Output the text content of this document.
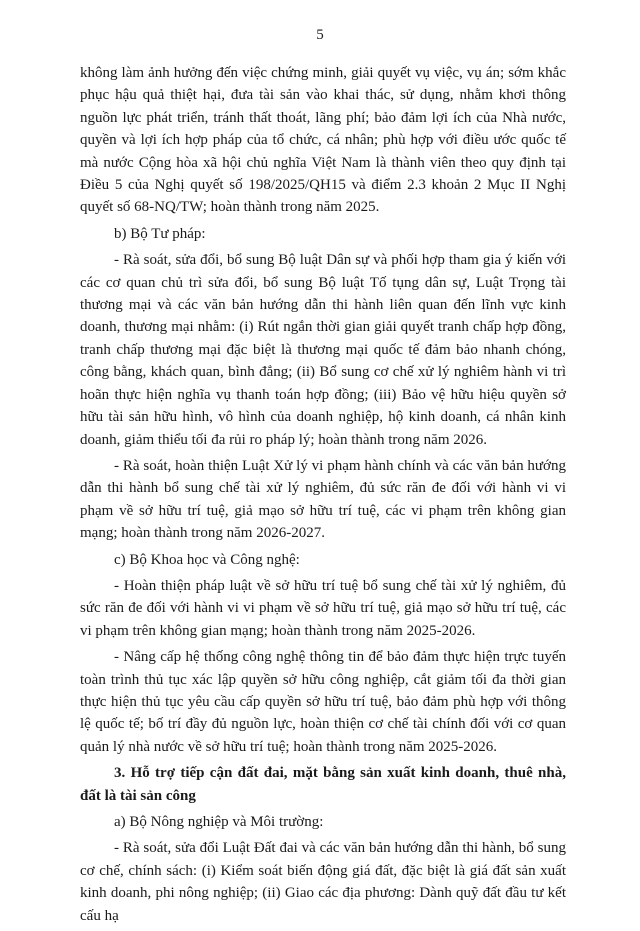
5

không làm ảnh hưởng đến việc chứng minh, giải quyết vụ việc, vụ án; sớm khắc phục hậu quả thiệt hại, đưa tài sản vào khai thác, sử dụng, nhằm khơi thông nguồn lực phát triển, tránh thất thoát, lãng phí; bảo đảm lợi ích của Nhà nước, quyền và lợi ích hợp pháp của tổ chức, cá nhân; phù hợp với điều ước quốc tế mà nước Cộng hòa xã hội chủ nghĩa Việt Nam là thành viên theo quy định tại Điều 5 của Nghị quyết số 198/2025/QH15 và điểm 2.3 khoản 2 Mục II Nghị quyết số 68-NQ/TW; hoàn thành trong năm 2025.

b) Bộ Tư pháp:

- Rà soát, sửa đổi, bổ sung Bộ luật Dân sự và phối hợp tham gia ý kiến với các cơ quan chủ trì sửa đổi, bổ sung Bộ luật Tố tụng dân sự, Luật Trọng tài thương mại và các văn bản hướng dẫn thi hành liên quan đến lĩnh vực kinh doanh, thương mại nhằm: (i) Rút ngắn thời gian giải quyết tranh chấp hợp đồng, tranh chấp thương mại đặc biệt là thương mại quốc tế đảm bảo nhanh chóng, công bằng, khách quan, bình đẳng; (ii) Bổ sung cơ chế xử lý nghiêm hành vi trì hoãn thực hiện nghĩa vụ thanh toán hợp đồng; (iii) Bảo vệ hữu hiệu quyền sở hữu tài sản hữu hình, vô hình của doanh nghiệp, hộ kinh doanh, cá nhân kinh doanh, giảm thiểu tối đa rủi ro pháp lý; hoàn thành trong năm 2026.

- Rà soát, hoàn thiện Luật Xử lý vi phạm hành chính và các văn bản hướng dẫn thi hành bổ sung chế tài xử lý nghiêm, đủ sức răn đe đối với hành vi vi phạm về sở hữu trí tuệ, giả mạo sở hữu trí tuệ, các vi phạm trên không gian mạng; hoàn thành trong năm 2026-2027.

c) Bộ Khoa học và Công nghệ:

- Hoàn thiện pháp luật về sở hữu trí tuệ bổ sung chế tài xử lý nghiêm, đủ sức răn đe đối với hành vi vi phạm về sở hữu trí tuệ, giả mạo sở hữu trí tuệ, các vi phạm trên không gian mạng; hoàn thành trong năm 2025-2026.

- Nâng cấp hệ thống công nghệ thông tin để bảo đảm thực hiện trực tuyến toàn trình thủ tục xác lập quyền sở hữu công nghiệp, cắt giảm tối đa thời gian thực hiện thủ tục yêu cầu cấp quyền sở hữu trí tuệ, bảo đảm phù hợp với thông lệ quốc tế; bố trí đầy đủ nguồn lực, hoàn thiện cơ chế tài chính đối với cơ quan quản lý nhà nước về sở hữu trí tuệ; hoàn thành trong năm 2025-2026.

3. Hỗ trợ tiếp cận đất đai, mặt bằng sản xuất kinh doanh, thuê nhà, đất là tài sản công

a) Bộ Nông nghiệp và Môi trường:

- Rà soát, sửa đổi Luật Đất đai và các văn bản hướng dẫn thi hành, bổ sung cơ chế, chính sách: (i) Kiểm soát biến động giá đất, đặc biệt là giá đất sản xuất kinh doanh, phi nông nghiệp; (ii) Giao các địa phương: Dành quỹ đất đầu tư kết cấu hạ
